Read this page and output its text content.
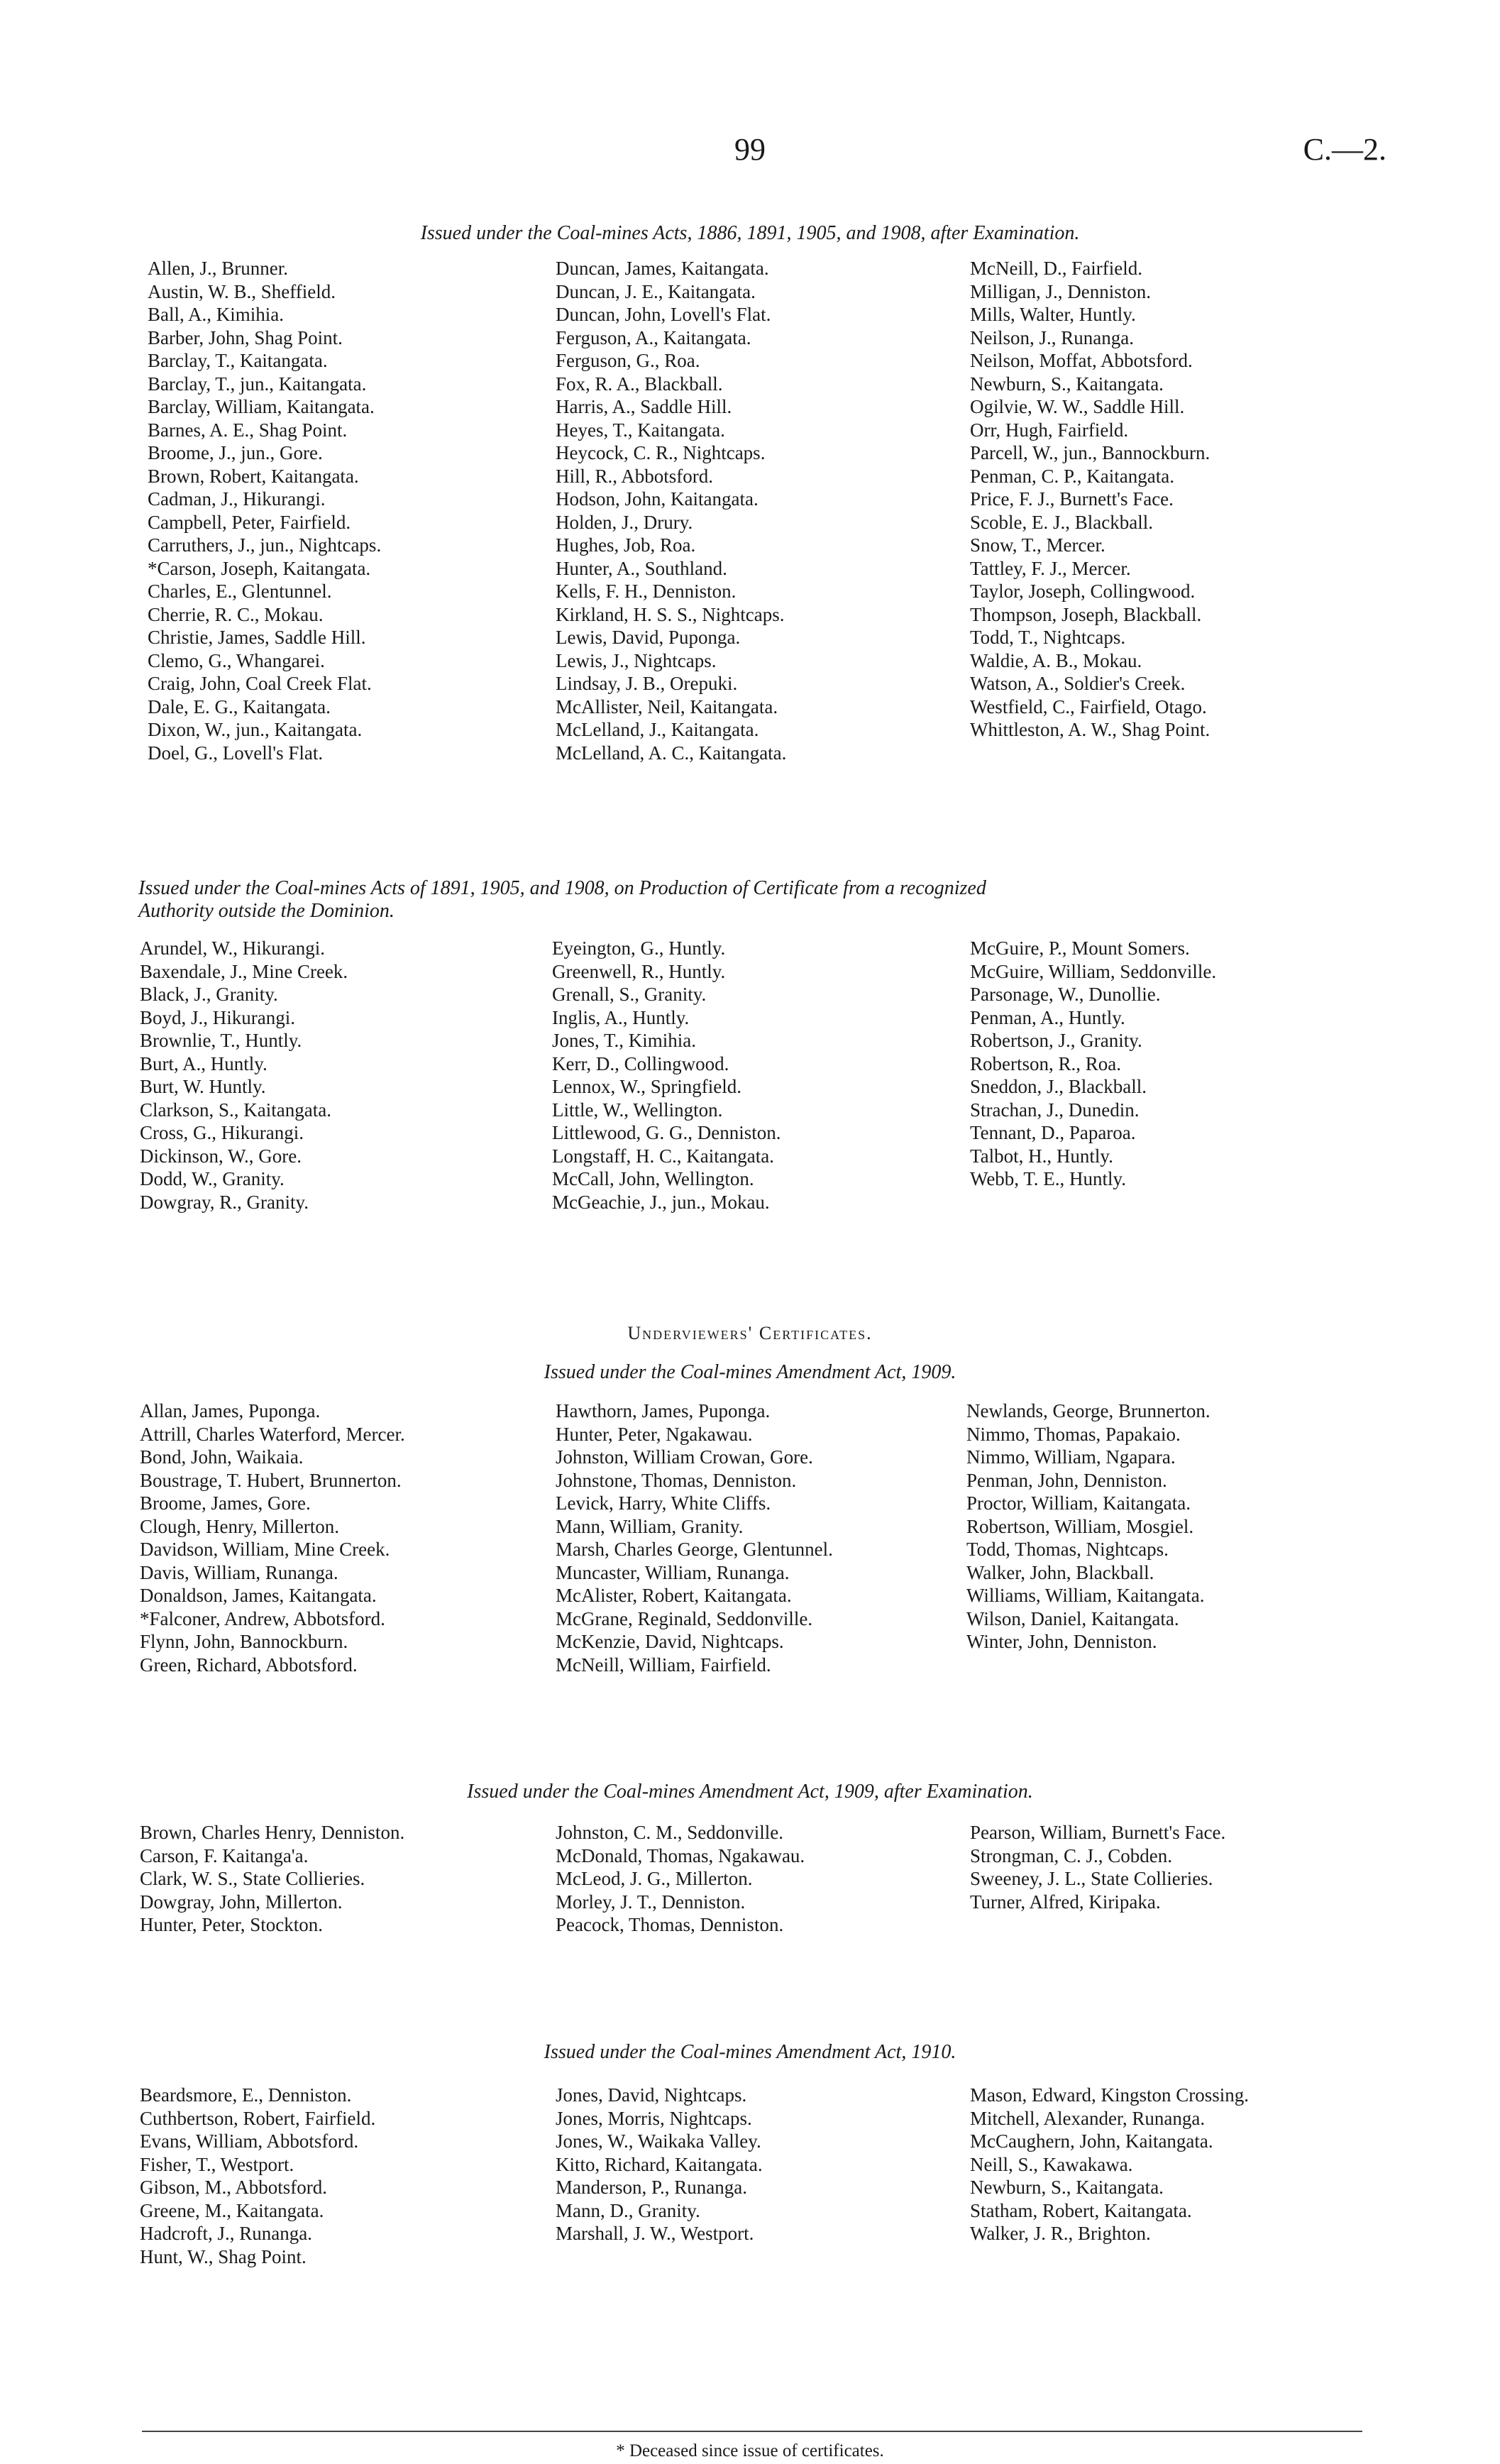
99	C.—2.
Issued under the Coal-mines Acts, 1886, 1891, 1905, and 1908, after Examination.
Allen, J., Brunner.
Austin, W. B., Sheffield.
Ball, A., Kimihia.
Barber, John, Shag Point.
Barclay, T., Kaitangata.
Barclay, T., jun., Kaitangata.
Barclay, William, Kaitangata.
Barnes, A. E., Shag Point.
Broome, J., jun., Gore.
Brown, Robert, Kaitangata.
Cadman, J., Hikurangi.
Campbell, Peter, Fairfield.
Carruthers, J., jun., Nightcaps.
*Carson, Joseph, Kaitangata.
Charles, E., Glentunnel.
Cherrie, R. C., Mokau.
Christie, James, Saddle Hill.
Clemo, G., Whangarei.
Craig, John, Coal Creek Flat.
Dale, E. G., Kaitangata.
Dixon, W., jun., Kaitangata.
Doel, G., Lovell's Flat.
Duncan, James, Kaitangata.
Duncan, J. E., Kaitangata.
Duncan, John, Lovell's Flat.
Ferguson, A., Kaitangata.
Ferguson, G., Roa.
Fox, R. A., Blackball.
Harris, A., Saddle Hill.
Heyes, T., Kaitangata.
Heycock, C. R., Nightcaps.
Hill, R., Abbotsford.
Hodson, John, Kaitangata.
Holden, J., Drury.
Hughes, Job, Roa.
Hunter, A., Southland.
Kells, F. H., Denniston.
Kirkland, H. S. S., Nightcaps.
Lewis, David, Puponga.
Lewis, J., Nightcaps.
Lindsay, J. B., Orepuki.
McAllister, Neil, Kaitangata.
McLelland, J., Kaitangata.
McLelland, A. C., Kaitangata.
McNeill, D., Fairfield.
Milligan, J., Denniston.
Mills, Walter, Huntly.
Neilson, J., Runanga.
Neilson, Moffat, Abbotsford.
Newburn, S., Kaitangata.
Ogilvie, W. W., Saddle Hill.
Orr, Hugh, Fairfield.
Parcell, W., jun., Bannockburn.
Penman, C. P., Kaitangata.
Price, F. J., Burnett's Face.
Scoble, E. J., Blackball.
Snow, T., Mercer.
Tattley, F. J., Mercer.
Taylor, Joseph, Collingwood.
Thompson, Joseph, Blackball.
Todd, T., Nightcaps.
Waldie, A. B., Mokau.
Watson, A., Soldier's Creek.
Westfield, C., Fairfield, Otago.
Whittleston, A. W., Shag Point.
Issued under the Coal-mines Acts of 1891, 1905, and 1908, on Production of Certificate from a recognized
Authority outside the Dominion.
Arundel, W., Hikurangi.
Baxendale, J., Mine Creek.
Black, J., Granity.
Boyd, J., Hikurangi.
Brownlie, T., Huntly.
Burt, A., Huntly.
Burt, W. Huntly.
Clarkson, S., Kaitangata.
Cross, G., Hikurangi.
Dickinson, W., Gore.
Dodd, W., Granity.
Dowgray, R., Granity.
Eyeington, G., Huntly.
Greenwell, R., Huntly.
Grenall, S., Granity.
Inglis, A., Huntly.
Jones, T., Kimihia.
Kerr, D., Collingwood.
Lennox, W., Springfield.
Little, W., Wellington.
Littlewood, G. G., Denniston.
Longstaff, H. C., Kaitangata.
McCall, John, Wellington.
McGeachie, J., jun., Mokau.
McGuire, P., Mount Somers.
McGuire, William, Seddonville.
Parsonage, W., Dunollie.
Penman, A., Huntly.
Robertson, J., Granity.
Robertson, R., Roa.
Sneddon, J., Blackball.
Strachan, J., Dunedin.
Tennant, D., Paparoa.
Talbot, H., Huntly.
Webb, T. E., Huntly.
Underviewers' Certificates.
Issued under the Coal-mines Amendment Act, 1909.
Allan, James, Puponga.
Attrill, Charles Waterford, Mercer.
Bond, John, Waikaia.
Boustrage, T. Hubert, Brunnerton.
Broome, James, Gore.
Clough, Henry, Millerton.
Davidson, William, Mine Creek.
Davis, William, Runanga.
Donaldson, James, Kaitangata.
*Falconer, Andrew, Abbotsford.
Flynn, John, Bannockburn.
Green, Richard, Abbotsford.
Hawthorn, James, Puponga.
Hunter, Peter, Ngakawau.
Johnston, William Crowan, Gore.
Johnstone, Thomas, Denniston.
Levick, Harry, White Cliffs.
Mann, William, Granity.
Marsh, Charles George, Glentunnel.
Muncaster, William, Runanga.
McAlister, Robert, Kaitangata.
McGrane, Reginald, Seddonville.
McKenzie, David, Nightcaps.
McNeill, William, Fairfield.
Newlands, George, Brunnerton.
Nimmo, Thomas, Papakaio.
Nimmo, William, Ngapara.
Penman, John, Denniston.
Proctor, William, Kaitangata.
Robertson, William, Mosgiel.
Todd, Thomas, Nightcaps.
Walker, John, Blackball.
Williams, William, Kaitangata.
Wilson, Daniel, Kaitangata.
Winter, John, Denniston.
Issued under the Coal-mines Amendment Act, 1909, after Examination.
Brown, Charles Henry, Denniston.
Carson, F. Kaitanga'a.
Clark, W. S., State Collieries.
Dowgray, John, Millerton.
Hunter, Peter, Stockton.
Johnston, C. M., Seddonville.
McDonald, Thomas, Ngakawau.
McLeod, J. G., Millerton.
Morley, J. T., Denniston.
Peacock, Thomas, Denniston.
Pearson, William, Burnett's Face.
Strongman, C. J., Cobden.
Sweeney, J. L., State Collieries.
Turner, Alfred, Kiripaka.
Issued under the Coal-mines Amendment Act, 1910.
Beardsmore, E., Denniston.
Cuthbertson, Robert, Fairfield.
Evans, William, Abbotsford.
Fisher, T., Westport.
Gibson, M., Abbotsford.
Greene, M., Kaitangata.
Hadcroft, J., Runanga.
Hunt, W., Shag Point.
Jones, David, Nightcaps.
Jones, Morris, Nightcaps.
Jones, W., Waikaka Valley.
Kitto, Richard, Kaitangata.
Manderson, P., Runanga.
Mann, D., Granity.
Marshall, J. W., Westport.
Mason, Edward, Kingston Crossing.
Mitchell, Alexander, Runanga.
McCaughern, John, Kaitangata.
Neill, S., Kawakawa.
Newburn, S., Kaitangata.
Statham, Robert, Kaitangata.
Walker, J. R., Brighton.
* Deceased since issue of certificates.
